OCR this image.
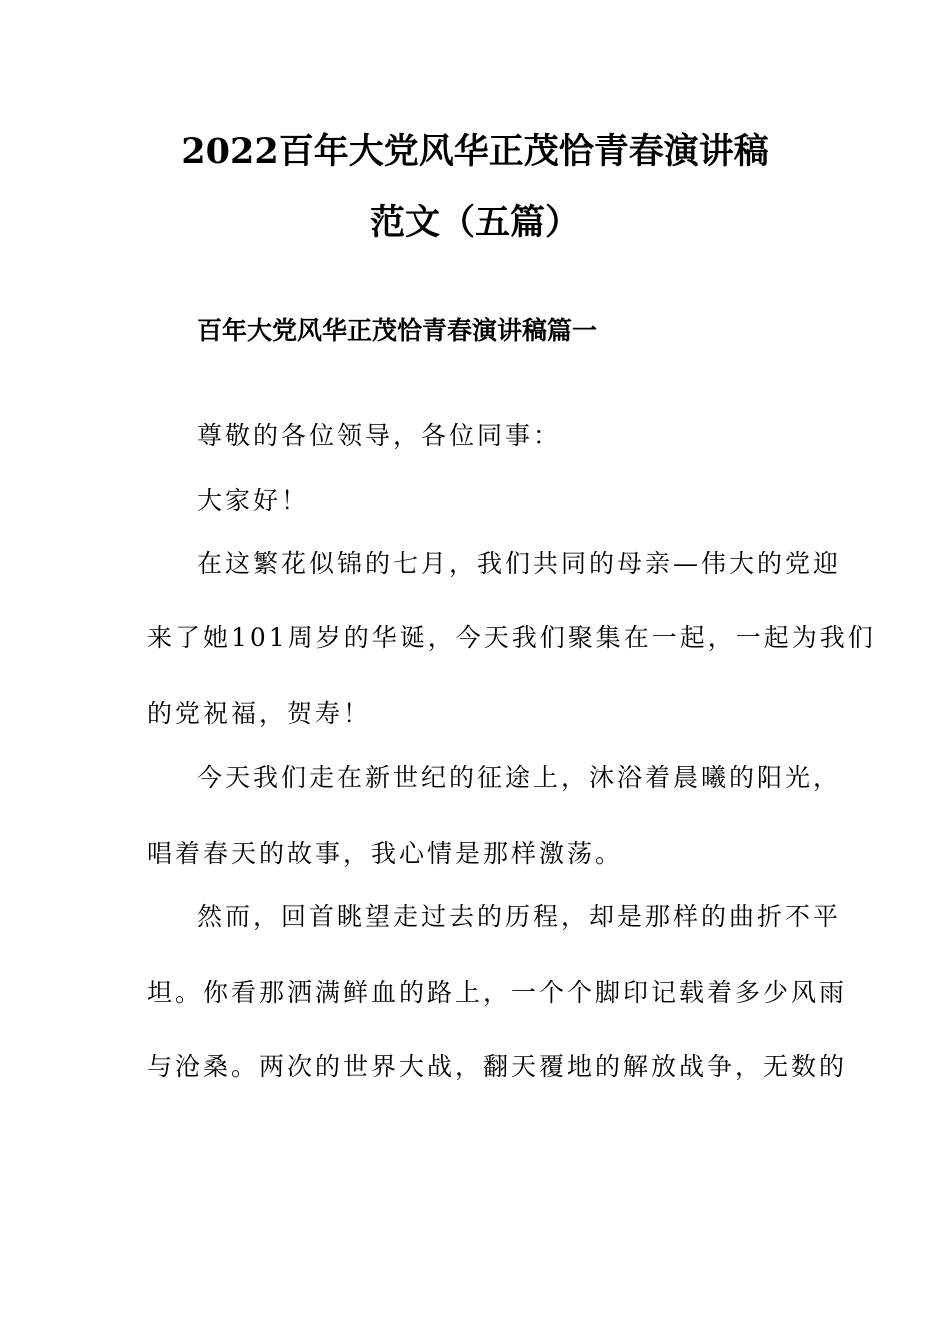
2022百年大党风华正茂恰青春演讲稿
范文（五篇）
百年大党风华正茂恰青春演讲稿篇一
尊敬的各位领导，各位同事：
大家好！
在这繁花似锦的七月，我们共同的母亲—伟大的党迎
来了她101周岁的华诞，今天我们聚集在一起，一起为我们
的党祝福，贺寿！
今天我们走在新世纪的征途上，沐浴着晨曦的阳光，
唱着春天的故事，我心情是那样激荡。
然而，回首眺望走过去的历程，却是那样的曲折不平
坦。你看那洒满鲜血的路上，一个个脚印记载着多少风雨
与沧桑。两次的世界大战，翻天覆地的解放战争，无数的
